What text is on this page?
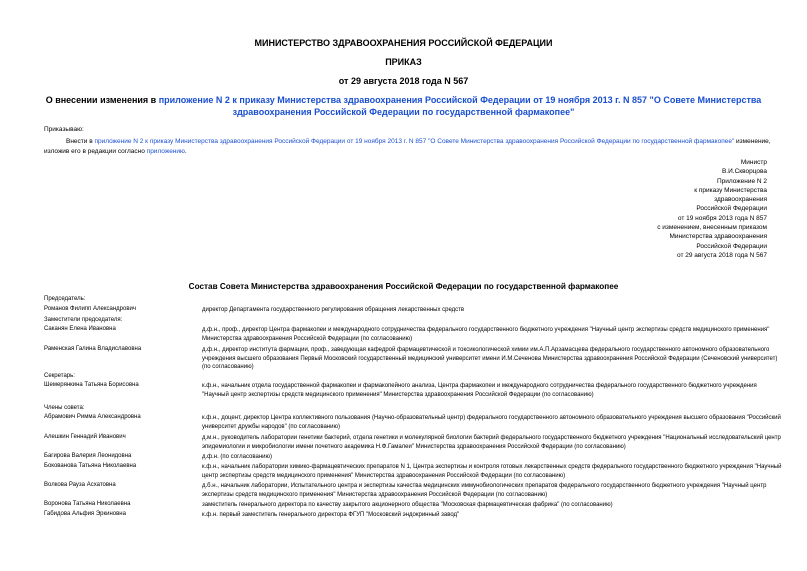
МИНИСТЕРСТВО ЗДРАВООХРАНЕНИЯ РОССИЙСКОЙ ФЕДЕРАЦИИ
ПРИКАЗ
от 29 августа 2018 года N 567
О внесении изменения в приложение N 2 к приказу Министерства здравоохранения Российской Федерации от 19 ноября 2013 г. N 857 "О Совете Министерства здравоохранения Российской Федерации по государственной фармакопее"
Приказываю:
Внести в приложение N 2 к приказу Министерства здравоохранения Российской Федерации от 19 ноября 2013 г. N 857 "О Совете Министерства здравоохранения Российской Федерации по государственной фармакопее" изменение, изложив его в редакции согласно приложению.
Министр
В.И.Скворцова
Приложение N 2
к приказу Министерства
здравоохранения
Российской Федерации
от 19 ноября 2013 года N 857
с изменением, внесенным приказом
Министерства здравоохранения
Российской Федерации
от 29 августа 2018 года N 567
Состав Совета Министерства здравоохранения Российской Федерации по государственной фармакопее
Председатель:
Романов Филипп Александрович	директор Департамента государственного регулирования обращения лекарственных средств
Заместители председателя:
Саканян Елена Ивановна	д.ф.н., проф., директор Центра фармакопеи и международного сотрудничества федерального государственного бюджетного учреждения "Научный центр экспертизы средств медицинского применения" Министерства здравоохранения Российской Федерации (по согласованию)
Раменская Галина Владиславовна	д.ф.н., директор института фармации, проф., заведующая кафедрой фармацевтической и токсикологической химии им.А.П.Арзамасцева федерального государственного автономного образовательного учреждения высшего образования Первый Московский государственный медицинский университет имени И.М.Сеченова Министерства здравоохранения Российской Федерации (Сеченовский университет) (по согласованию)
Секретарь:
Шемерянкина Татьяна Борисовна	к.ф.н., начальник отдела государственной фармакопеи и фармакопейного анализа, Центра фармакопеи и международного сотрудничества федерального государственного бюджетного учреждения "Научный центр экспертизы средств медицинского применения" Министерства здравоохранения Российской Федерации (по согласованию)
Члены совета:
Абрамович Римма Александровна	к.ф.н., доцент, директор Центра коллективного пользования (Научно-образовательный центр) федерального государственного автономного образовательного учреждения высшего образования "Российский университет дружбы народов" (по согласованию)
Алешкин Геннадий Иванович	д.м.н., руководитель лаборатории генетики бактерий, отдела генетики и молекулярной биологии бактерий федерального государственного бюджетного учреждения "Национальный исследовательский центр эпидемиологии и микробиологии имени почетного академика Н.Ф.Гамалеи" Министерства здравоохранения Российской Федерации (по согласованию)
Багирова Валерия Леонидовна	д.ф.н. (по согласованию)
Бокованова Татьяна Николаевна	к.ф.н., начальник лаборатории химико-фармацевтических препаратов N 1, Центра экспертизы и контроля готовых лекарственных средств федерального государственного бюджетного учреждения "Научный центр экспертизы средств медицинского применения" Министерства здравоохранения Российской Федерации (по согласованию)
Волкова Рауза Асхатовна	д.б.н., начальник лаборатории, Испытательного центра и экспертизы качества медицинских иммунобиологических препаратов федерального государственного бюджетного учреждения "Научный центр экспертизы средств медицинского применения" Министерства здравоохранения Российской Федерации (по согласованию)
Воронова Татьяна Николаевна	заместитель генерального директора по качеству закрытого акционерного общества "Московская фармацевтическая фабрика" (по согласованию)
Габидова Альфия Эркиновна	к.ф.н. первый заместитель генерального директора ФГУП "Московский эндокринный завод"
